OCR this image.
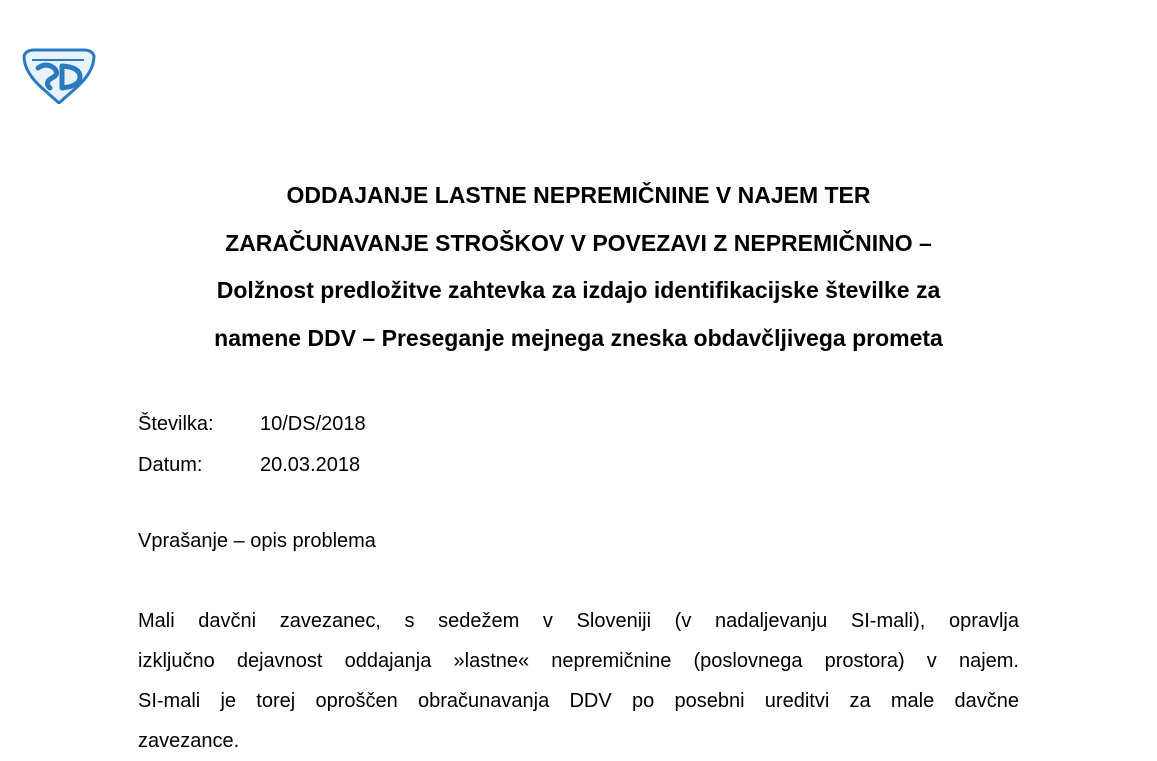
ODDAJANJE LASTNE NEPREMIČNINE V NAJEM TER
ZARAČUNAVANJE STROŠKOV V POVEZAVI Z NEPREMIČNINO –
Dolžnost predložitve zahtevka za izdajo identifikacijske številke za
namene DDV – Preseganje mejnega zneska obdavčljivega prometa
Številka:	10/DS/2018
Datum:	20.03.2018
Vprašanje – opis problema
Mali davčni zavezanec, s sedežem v Sloveniji (v nadaljevanju SI-mali), opravlja
izključno dejavnost oddajanja »lastne« nepremičnine (poslovnega prostora) v najem.
SI-mali je torej oproščen obračunavanja DDV po posebni ureditvi za male davčne
zavezance.
